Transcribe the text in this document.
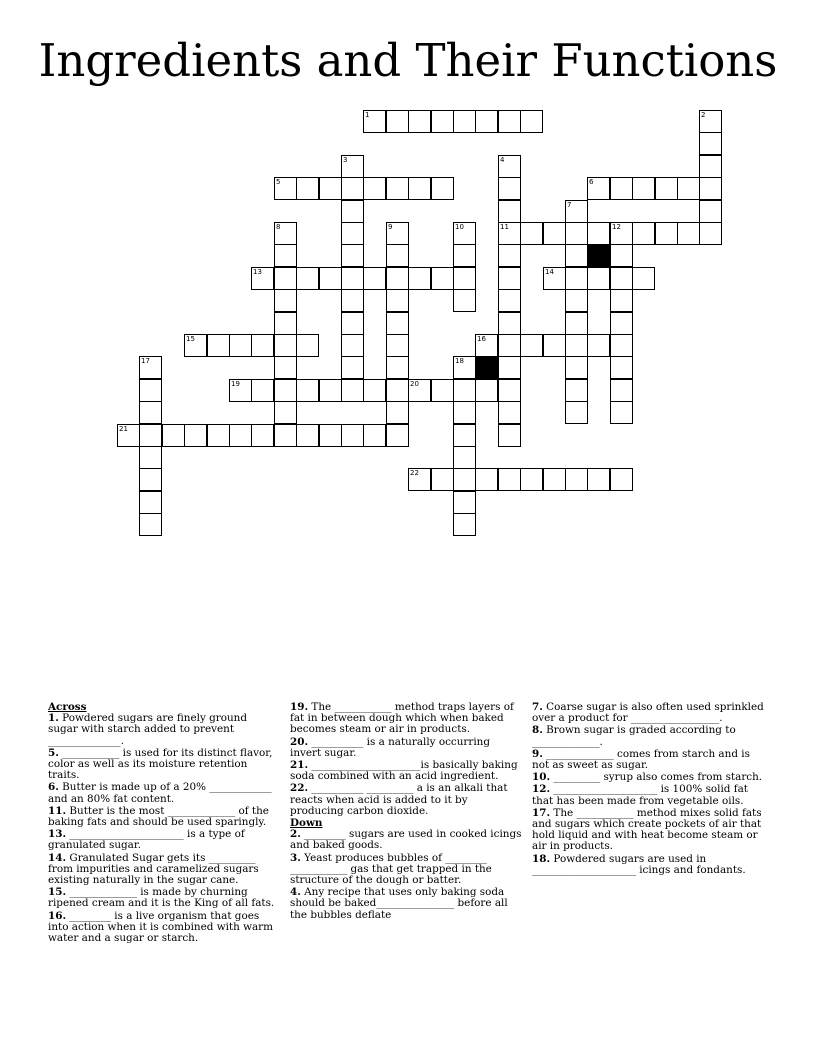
Ingredients and Their Functions
1	2
3	4
11
5	6
7
8	9	10	12
13	14
15	16
17	18
19	20
21
22
Across
1. Powdered sugars are finely ground sugar with starch added to prevent ______________.
5. ___________ is used for its distinct flavor, color as well as its moisture retention traits.
6. Butter is made up of a 20% ____________ and an 80% fat content.
11. Butter is the most _____________ of the baking fats and should be used sparingly.
13. ______________________ is a type of granulated sugar.
14. Granulated Sugar gets its _________ from impurities and caramelized sugars existing naturally in the sugar cane.
15. _____________ is made by churning ripened cream and it is the King of all fats.
16. ________ is a live organism that goes into action when it is combined with warm water and a sugar or starch.
19. The ___________ method traps layers of fat in between dough which when baked becomes steam or air in products.
20. __________ is a naturally occurring invert sugar.
21. _____________________is basically baking soda combined with an acid ingredient.
22. __________ _________ a is an alkali that reacts when acid is added to it by producing carbon dioxide.
Down
2. ________ sugars are used in cooked icings and baked goods.
3. Yeast produces bubbles of ________ ___________ gas that get trapped in the structure of the dough or batter.
4. Any recipe that uses only baking soda should be baked_______________ before all the bubbles deflate
7. Coarse sugar is also often used sprinkled over a product for _________________.
8. Brown sugar is graded according to _____________.
9. _____________ comes from starch and is not as sweet as sugar.
10. _________ syrup also comes from starch.
12. ____________________ is 100% solid fat that has been made from vegetable oils.
17. The ___________ method mixes solid fats and sugars which create pockets of air that hold liquid and with heat become steam or air in products.
18. Powdered sugars are used in ____________________ icings and fondants.
